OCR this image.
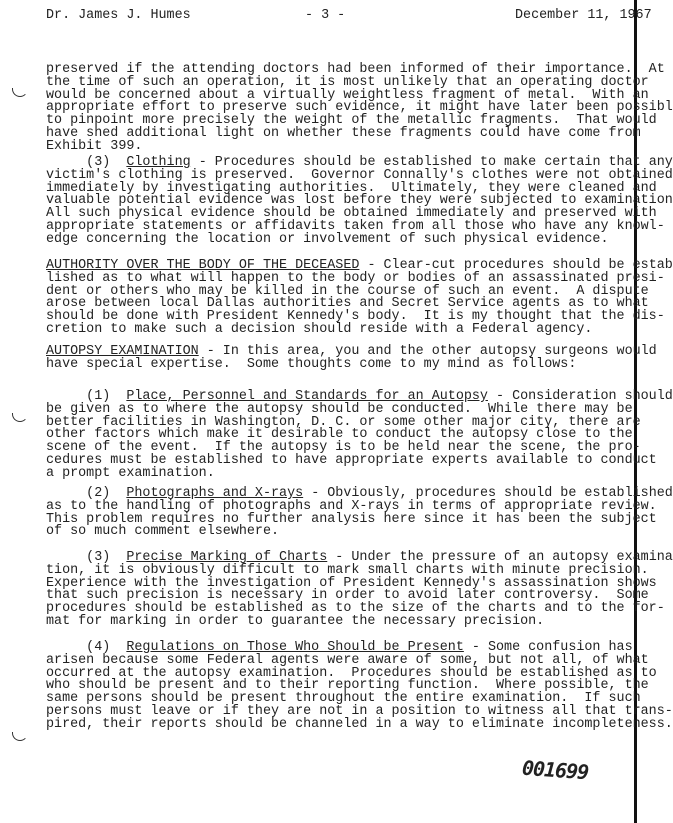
Dr. James J. Humes	- 3 -	December 11, 1967
preserved if the attending doctors had been informed of their importance.  At
the time of such an operation, it is most unlikely that an operating doctor
would be concerned about a virtually weightless fragment of metal.  With an
appropriate effort to preserve such evidence, it might have later been possibl
to pinpoint more precisely the weight of the metallic fragments.  That would
have shed additional light on whether these fragments could have come from
Exhibit 399.
(3)  Clothing - Procedures should be established to make certain that any
victim's clothing is preserved.  Governor Connally's clothes were not obtained
immediately by investigating authorities.  Ultimately, they were cleaned and
valuable potential evidence was lost before they were subjected to examination
All such physical evidence should be obtained immediately and preserved with
appropriate statements or affidavits taken from all those who have any knowl-
edge concerning the location or involvement of such physical evidence.
AUTHORITY OVER THE BODY OF THE DECEASED - Clear-cut procedures should be estab
lished as to what will happen to the body or bodies of an assassinated presi-
dent or others who may be killed in the course of such an event.  A dispute
arose between local Dallas authorities and Secret Service agents as to what
should be done with President Kennedy's body.  It is my thought that the dis-
cretion to make such a decision should reside with a Federal agency.
AUTOPSY EXAMINATION - In this area, you and the other autopsy surgeons would
have special expertise.  Some thoughts come to my mind as follows:
(1)  Place, Personnel and Standards for an Autopsy - Consideration should
be given as to where the autopsy should be conducted.  While there may be
better facilities in Washington, D. C. or some other major city, there are
other factors which make it desirable to conduct the autopsy close to the
scene of the event.  If the autopsy is to be held near the scene, the pro-
cedures must be established to have appropriate experts available to conduct
a prompt examination.
(2)  Photographs and X-rays - Obviously, procedures should be established
as to the handling of photographs and X-rays in terms of appropriate review.
This problem requires no further analysis here since it has been the subject
of so much comment elsewhere.
(3)  Precise Marking of Charts - Under the pressure of an autopsy examina
tion, it is obviously difficult to mark small charts with minute precision.
Experience with the investigation of President Kennedy's assassination shows
that such precision is necessary in order to avoid later controversy.  Some
procedures should be established as to the size of the charts and to the for-
mat for marking in order to guarantee the necessary precision.
(4)  Regulations on Those Who Should be Present - Some confusion has
arisen because some Federal agents were aware of some, but not all, of what
occurred at the autopsy examination.  Procedures should be established as to
who should be present and to their reporting function.  Where possible, the
same persons should be present throughout the entire examination.  If such
persons must leave or if they are not in a position to witness all that trans-
pired, their reports should be channeled in a way to eliminate incompleteness.
001699
